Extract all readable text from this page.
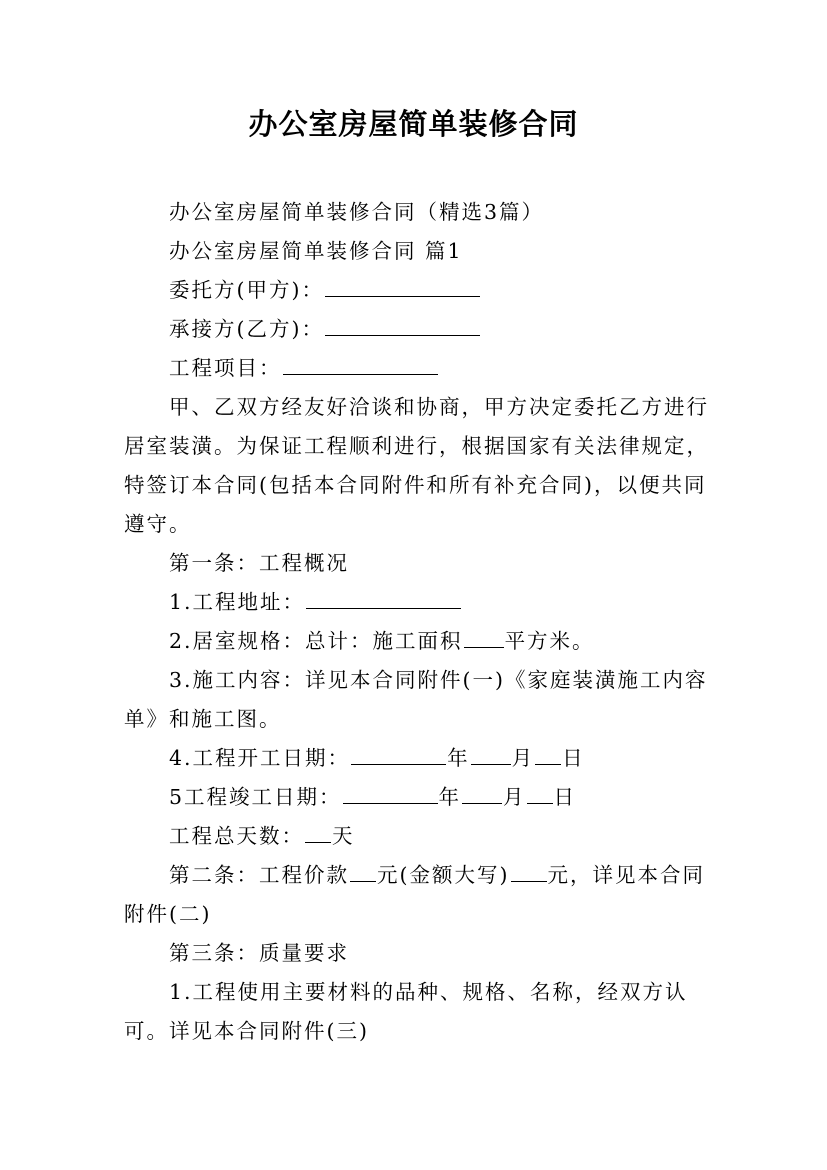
办公室房屋简单装修合同

办公室房屋简单装修合同（精选3篇）

办公室房屋简单装修合同 篇1

委托方(甲方)：

承接方(乙方)：

工程项目：

甲、乙双方经友好洽谈和协商，甲方决定委托乙方进行居室装潢。为保证工程顺利进行，根据国家有关法律规定，特签订本合同(包括本合同附件和所有补充合同)，以便共同遵守。

第一条：工程概况

1.工程地址：

2.居室规格：总计：施工面积 平方米。

3.施工内容：详见本合同附件(一)《家庭装潢施工内容单》和施工图。

4.工程开工日期：	年 月 日

5工程竣工日期：	年 月 日

工程总天数： 天

第二条：工程价款 元(金额大写) 元，详见本合同附件(二)

第三条：质量要求

1.工程使用主要材料的品种、规格、名称，经双方认可。详见本合同附件(三)
